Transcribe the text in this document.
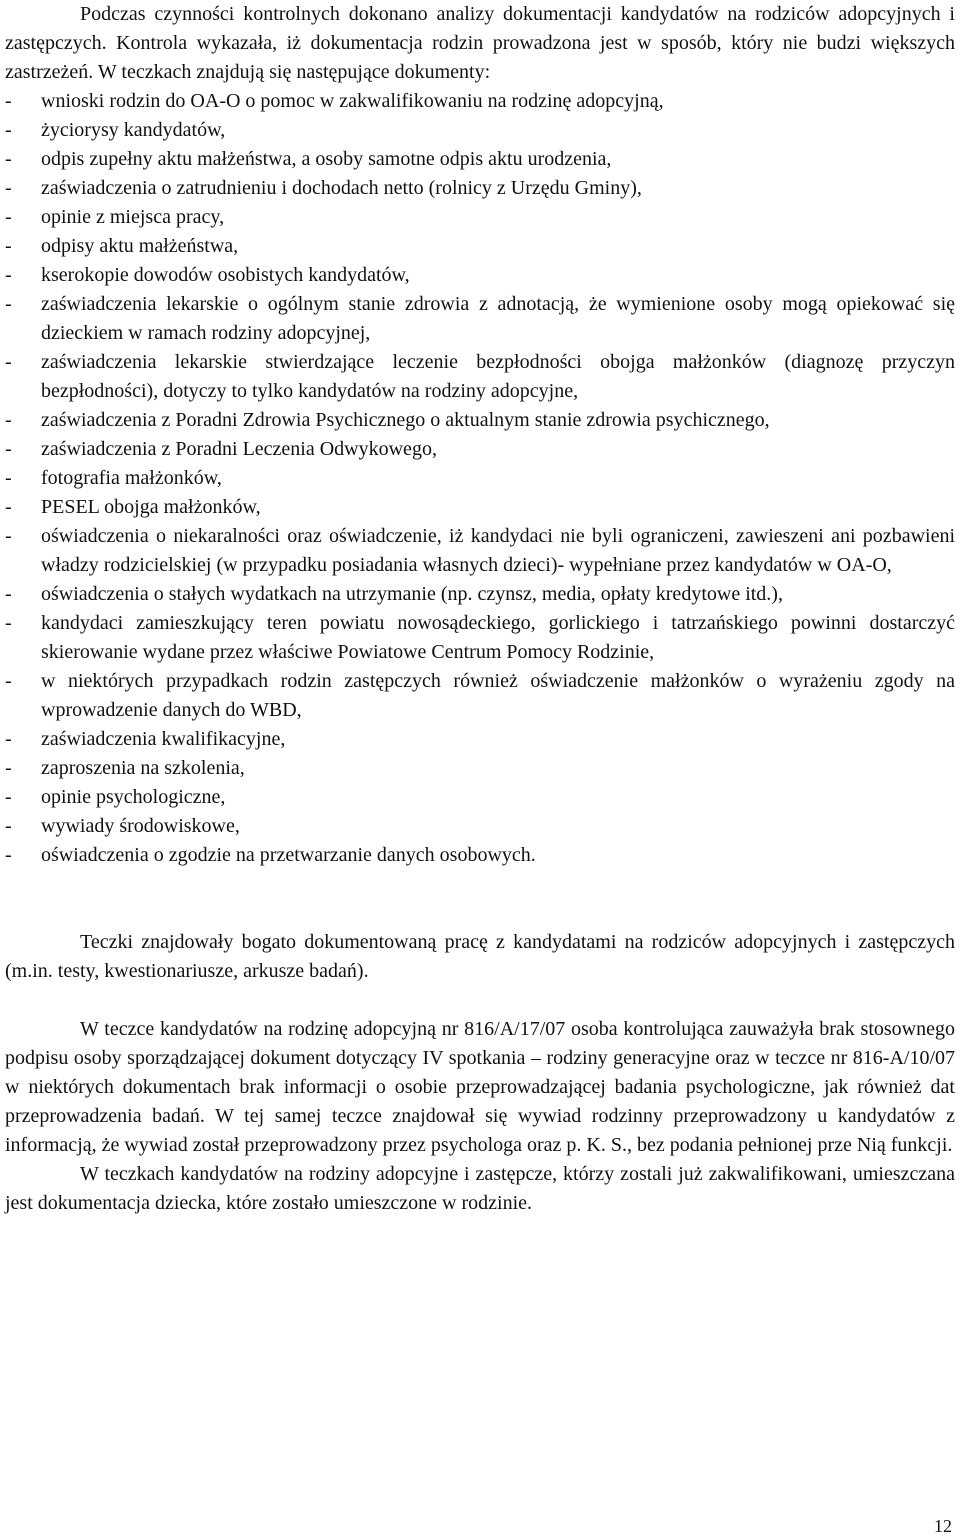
Podczas czynności kontrolnych dokonano analizy dokumentacji kandydatów na rodziców adopcyjnych i zastępczych. Kontrola wykazała, iż dokumentacja rodzin prowadzona jest w sposób, który nie budzi większych zastrzeżeń. W teczkach znajdują się następujące dokumenty:

- wnioski rodzin do OA-O o pomoc w zakwalifikowaniu na rodzinę adopcyjną,
- życiorysy kandydatów,
- odpis zupełny aktu małżeństwa, a osoby samotne odpis aktu urodzenia,
- zaświadczenia o zatrudnieniu i dochodach netto (rolnicy z Urzędu Gminy),
- opinie z miejsca pracy,
- odpisy aktu małżeństwa,
- kserokopie dowodów osobistych kandydatów,
- zaświadczenia lekarskie o ogólnym stanie zdrowia z adnotacją, że wymienione osoby mogą opiekować się dzieckiem w ramach rodziny adopcyjnej,
- zaświadczenia lekarskie stwierdzające leczenie bezpłodności obojga małżonków (diagnozę przyczyn bezpłodności), dotyczy to tylko kandydatów na rodziny adopcyjne,
- zaświadczenia z Poradni Zdrowia Psychicznego o aktualnym stanie zdrowia psychicznego,
- zaświadczenia z Poradni Leczenia Odwykowego,
- fotografia małżonków,
- PESEL obojga małżonków,
- oświadczenia o niekaralności oraz oświadczenie, iż kandydaci nie byli ograniczeni, zawieszeni ani pozbawieni władzy rodzicielskiej (w przypadku posiadania własnych dzieci)- wypełniane przez kandydatów w OA-O,
- oświadczenia o stałych wydatkach na utrzymanie (np. czynsz, media, opłaty kredytowe itd.),
- kandydaci zamieszkujący teren powiatu nowosądeckiego, gorlickiego i tatrzańskiego powinni dostarczyć skierowanie wydane przez właściwe Powiatowe Centrum Pomocy Rodzinie,
- w niektórych przypadkach rodzin zastępczych również oświadczenie małżonków o wyrażeniu zgody na wprowadzenie danych do WBD,
- zaświadczenia kwalifikacyjne,
- zaproszenia na szkolenia,
- opinie psychologiczne,
- wywiady środowiskowe,
- oświadczenia o zgodzie na przetwarzanie danych osobowych.

Teczki znajdowały bogato dokumentowaną pracę z kandydatami na rodziców adopcyjnych i zastępczych (m.in. testy, kwestionariusze, arkusze badań).

W teczce kandydatów na rodzinę adopcyjną nr 816/A/17/07 osoba kontrolująca zauważyła brak stosownego podpisu osoby sporządzającej dokument dotyczący IV spotkania – rodziny generacyjne oraz w teczce nr 816-A/10/07 w niektórych dokumentach brak informacji o osobie przeprowadzającej badania psychologiczne, jak również dat przeprowadzenia badań. W tej samej teczce znajdował się wywiad rodzinny przeprowadzony u kandydatów z informacją, że wywiad został przeprowadzony przez psychologa oraz p. K. S., bez podania pełnionej prze Nią funkcji.

W teczkach kandydatów na rodziny adopcyjne i zastępcze, którzy zostali już zakwalifikowani, umieszczana jest dokumentacja dziecka, które zostało umieszczone w rodzinie.

12
